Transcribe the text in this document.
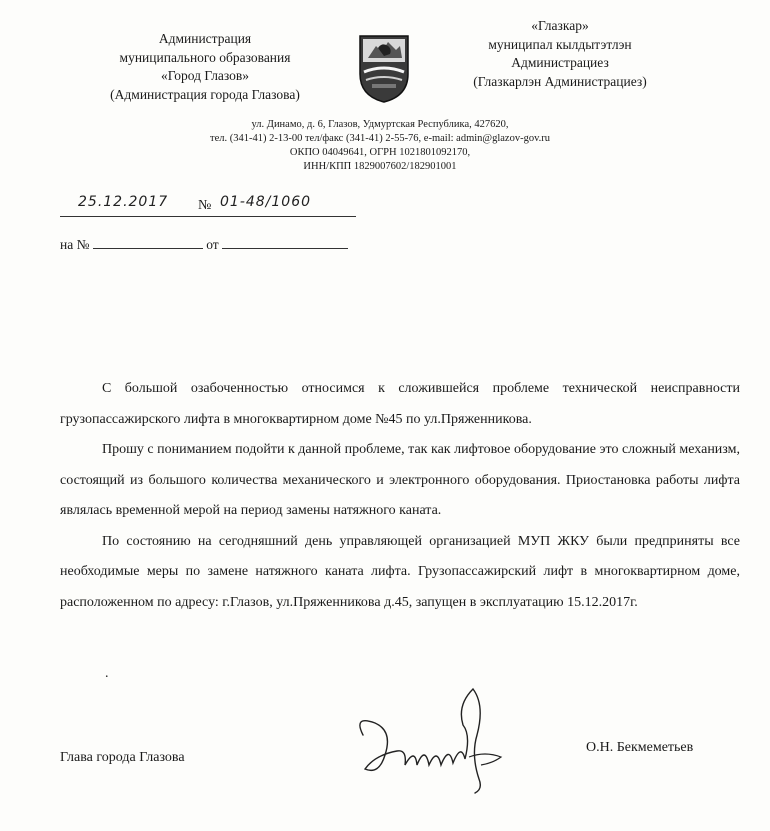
Администрация
муниципального образования
«Город Глазов»
(Администрация города Глазова)
«Глазкар»
муниципал кылдытэтлэн
Администрациез
(Глазкарлэн Администрациез)
ул. Динамо, д. 6, Глазов, Удмуртская Республика, 427620,
тел. (341-41) 2-13-00 тел/факс (341-41) 2-55-76, e-mail: admin@glazov-gov.ru
ОКПО 04049641, ОГРН 1021801092170,
ИНН/КПП 1829007602/182901001
25.12.2017 № 01-48/1060
на №	от

С большой озабоченностью относимся к сложившейся проблеме технической неисправности грузопассажирского лифта в многоквартирном доме №45 по ул.Пряженникова.

Прошу с пониманием подойти к данной проблеме, так как лифтовое оборудование это сложный механизм, состоящий из большого количества механического и электронного оборудования. Приостановка работы лифта являлась временной мерой на период замены натяжного каната.

По состоянию на сегодняшний день управляющей организацией МУП ЖКУ были предприняты все необходимые меры по замене натяжного каната лифта. Грузопассажирский лифт в многоквартирном доме, расположенном по адресу: г.Глазов, ул.Пряженникова д.45, запущен в эксплуатацию 15.12.2017г.

.
Глава города Глазова
О.Н. Бекмеметьев
